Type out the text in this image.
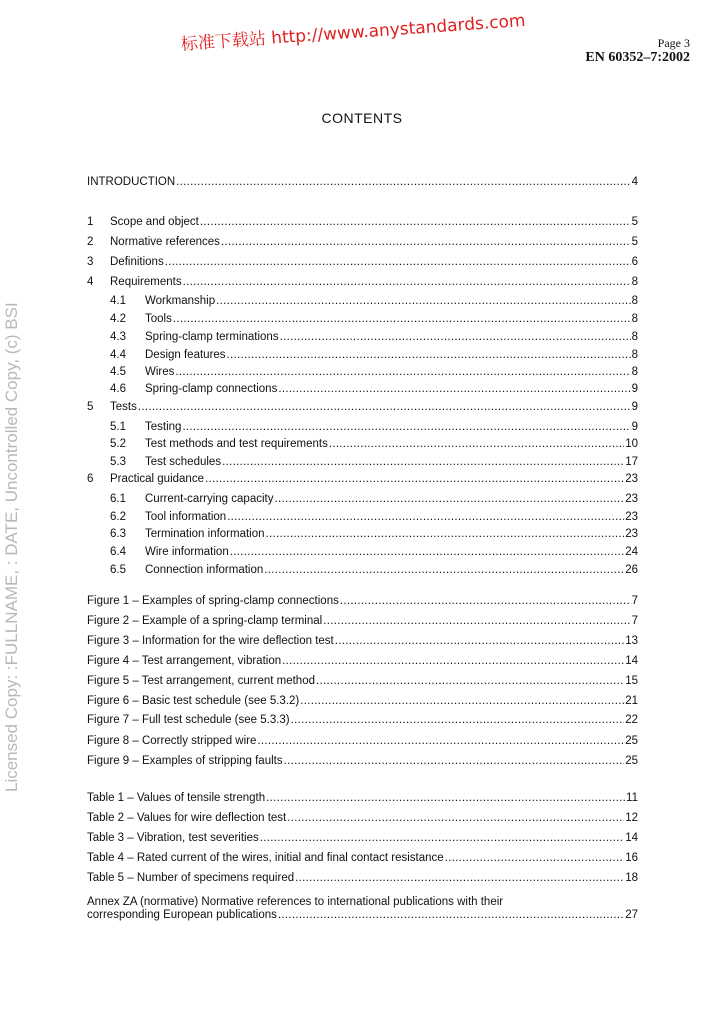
标准下载站 http://www.anystandards.com
Licensed Copy: :FULLNAME, : DATE, Uncontrolled Copy, (c) BSI
Page 3
EN 60352–7:2002
CONTENTS
INTRODUCTION .....	4
1	Scope and object .....	5
2	Normative references .....	5
3	Definitions .....	6
4	Requirements .....	8
4.1	Workmanship .....	8
4.2	Tools .....	8
4.3	Spring-clamp terminations .....	8
4.4	Design features .....	8
4.5	Wires .....	8
4.6	Spring-clamp connections .....	9
5	Tests .....	9
5.1	Testing .....	9
5.2	Test methods and test requirements .....	10
5.3	Test schedules .....	17
6	Practical guidance .....	23
6.1	Current-carrying capacity .....	23
6.2	Tool information .....	23
6.3	Termination information .....	23
6.4	Wire information .....	24
6.5	Connection information .....	26
Figure 1 – Examples of spring-clamp connections .....	7
Figure 2 – Example of a spring-clamp terminal .....	7
Figure 3 – Information for the wire deflection test .....	13
Figure 4 – Test arrangement, vibration .....	14
Figure 5 – Test arrangement, current method .....	15
Figure 6 – Basic test schedule (see 5.3.2) .....	21
Figure 7 – Full test schedule (see 5.3.3) .....	22
Figure 8 – Correctly stripped wire .....	25
Figure 9 – Examples of stripping faults .....	25
Table 1 – Values of tensile strength .....	11
Table 2 – Values for wire deflection test .....	12
Table 3 – Vibration, test severities .....	14
Table 4 – Rated current of the wires, initial and final contact resistance .....	16
Table 5 – Number of specimens required .....	18
Annex ZA (normative) Normative references to international publications with their
corresponding European publications .....	27
